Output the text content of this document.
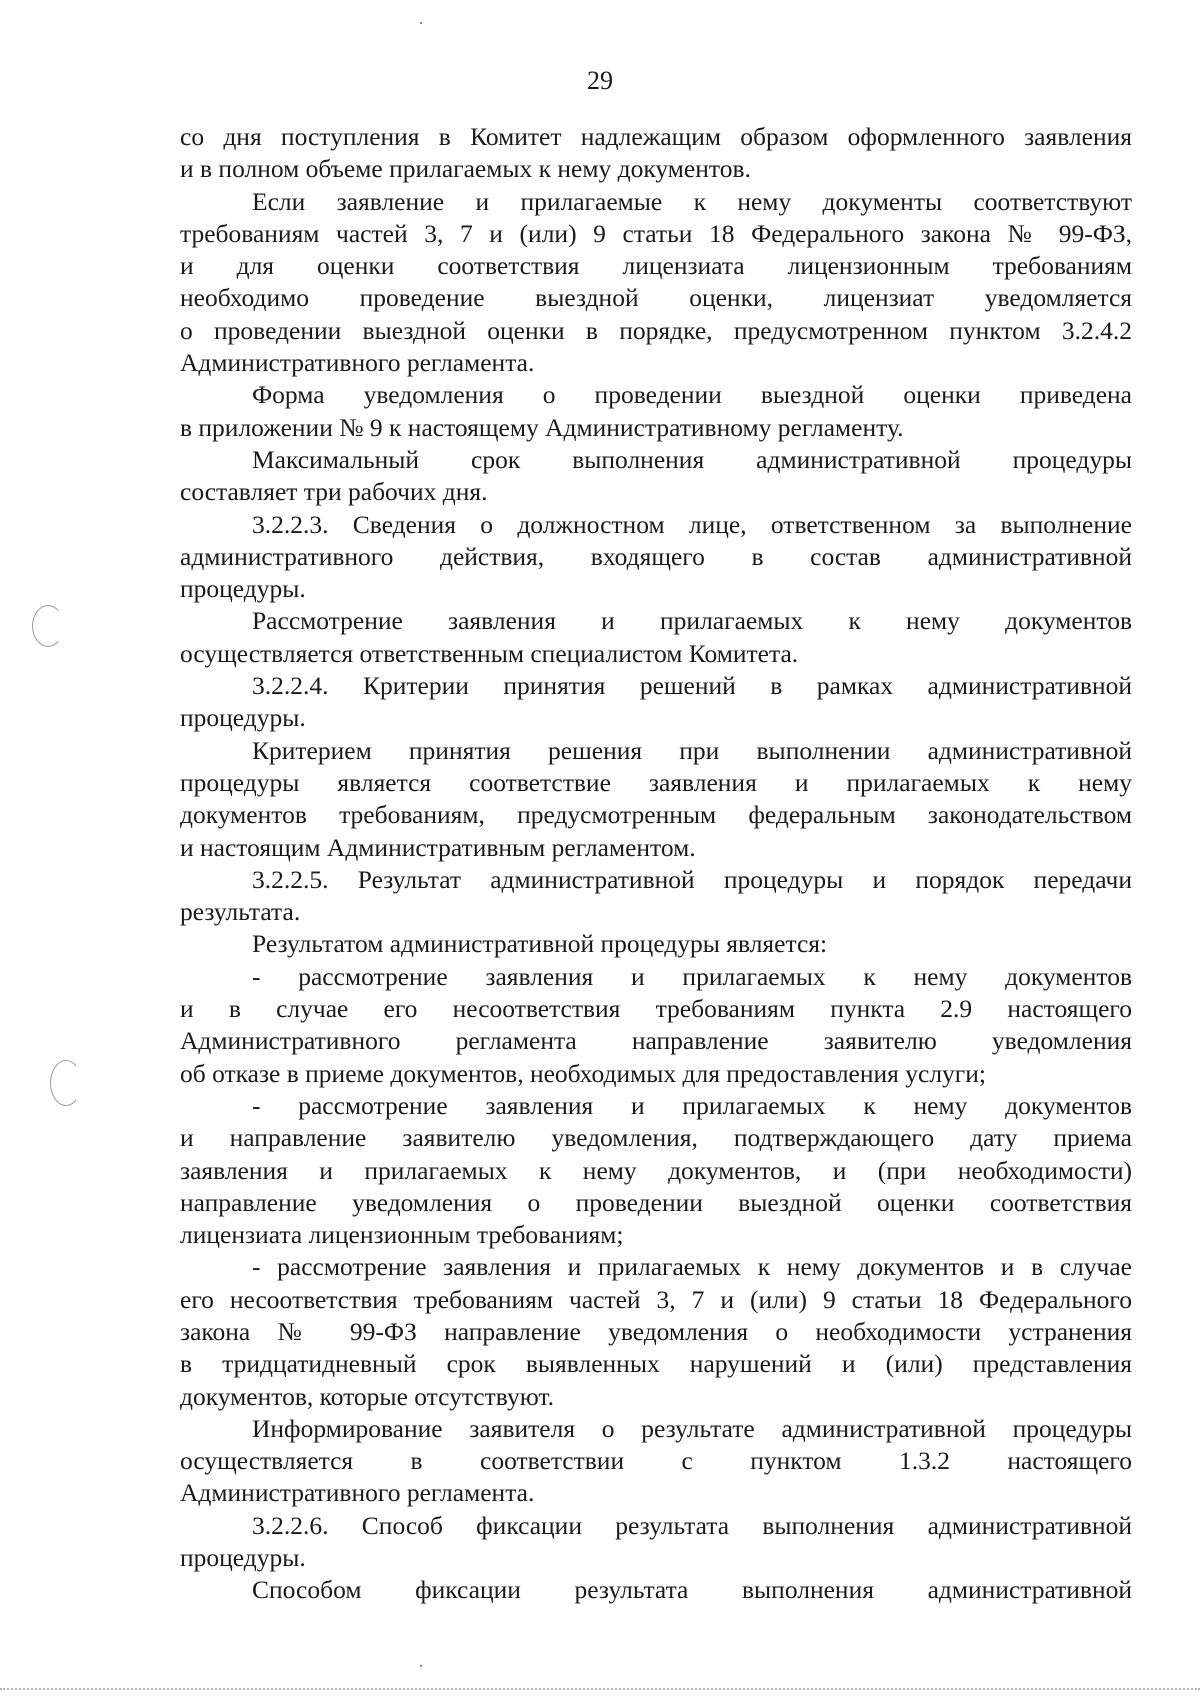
29
со дня поступления в Комитет надлежащим образом оформленного заявления
и в полном объеме прилагаемых к нему документов.
Если заявление и прилагаемые к нему документы соответствуют
требованиям частей 3, 7 и (или) 9 статьи 18 Федерального закона № 99-ФЗ,
и для оценки соответствия лицензиата лицензионным требованиям
необходимо проведение выездной оценки, лицензиат уведомляется
о проведении выездной оценки в порядке, предусмотренном пунктом 3.2.4.2
Административного регламента.
Форма уведомления о проведении выездной оценки приведена
в приложении № 9 к настоящему Административному регламенту.
Максимальный срок выполнения административной процедуры
составляет три рабочих дня.
3.2.2.3. Сведения о должностном лице, ответственном за выполнение
административного действия, входящего в состав административной
процедуры.
Рассмотрение заявления и прилагаемых к нему документов
осуществляется ответственным специалистом Комитета.
3.2.2.4. Критерии принятия решений в рамках административной
процедуры.
Критерием принятия решения при выполнении административной
процедуры является соответствие заявления и прилагаемых к нему
документов требованиям, предусмотренным федеральным законодательством
и настоящим Административным регламентом.
3.2.2.5. Результат административной процедуры и порядок передачи
результата.
Результатом административной процедуры является:
- рассмотрение заявления и прилагаемых к нему документов
и в случае его несоответствия требованиям пункта 2.9 настоящего
Административного регламента направление заявителю уведомления
об отказе в приеме документов, необходимых для предоставления услуги;
- рассмотрение заявления и прилагаемых к нему документов
и направление заявителю уведомления, подтверждающего дату приема
заявления и прилагаемых к нему документов, и (при необходимости)
направление уведомления о проведении выездной оценки соответствия
лицензиата лицензионным требованиям;
- рассмотрение заявления и прилагаемых к нему документов и в случае
его несоответствия требованиям частей 3, 7 и (или) 9 статьи 18 Федерального
закона № 99-ФЗ направление уведомления о необходимости устранения
в тридцатидневный срок выявленных нарушений и (или) представления
документов, которые отсутствуют.
Информирование заявителя о результате административной процедуры
осуществляется в соответствии с пунктом 1.3.2 настоящего
Административного регламента.
3.2.2.6. Способ фиксации результата выполнения административной
процедуры.
Способом фиксации результата выполнения административной
